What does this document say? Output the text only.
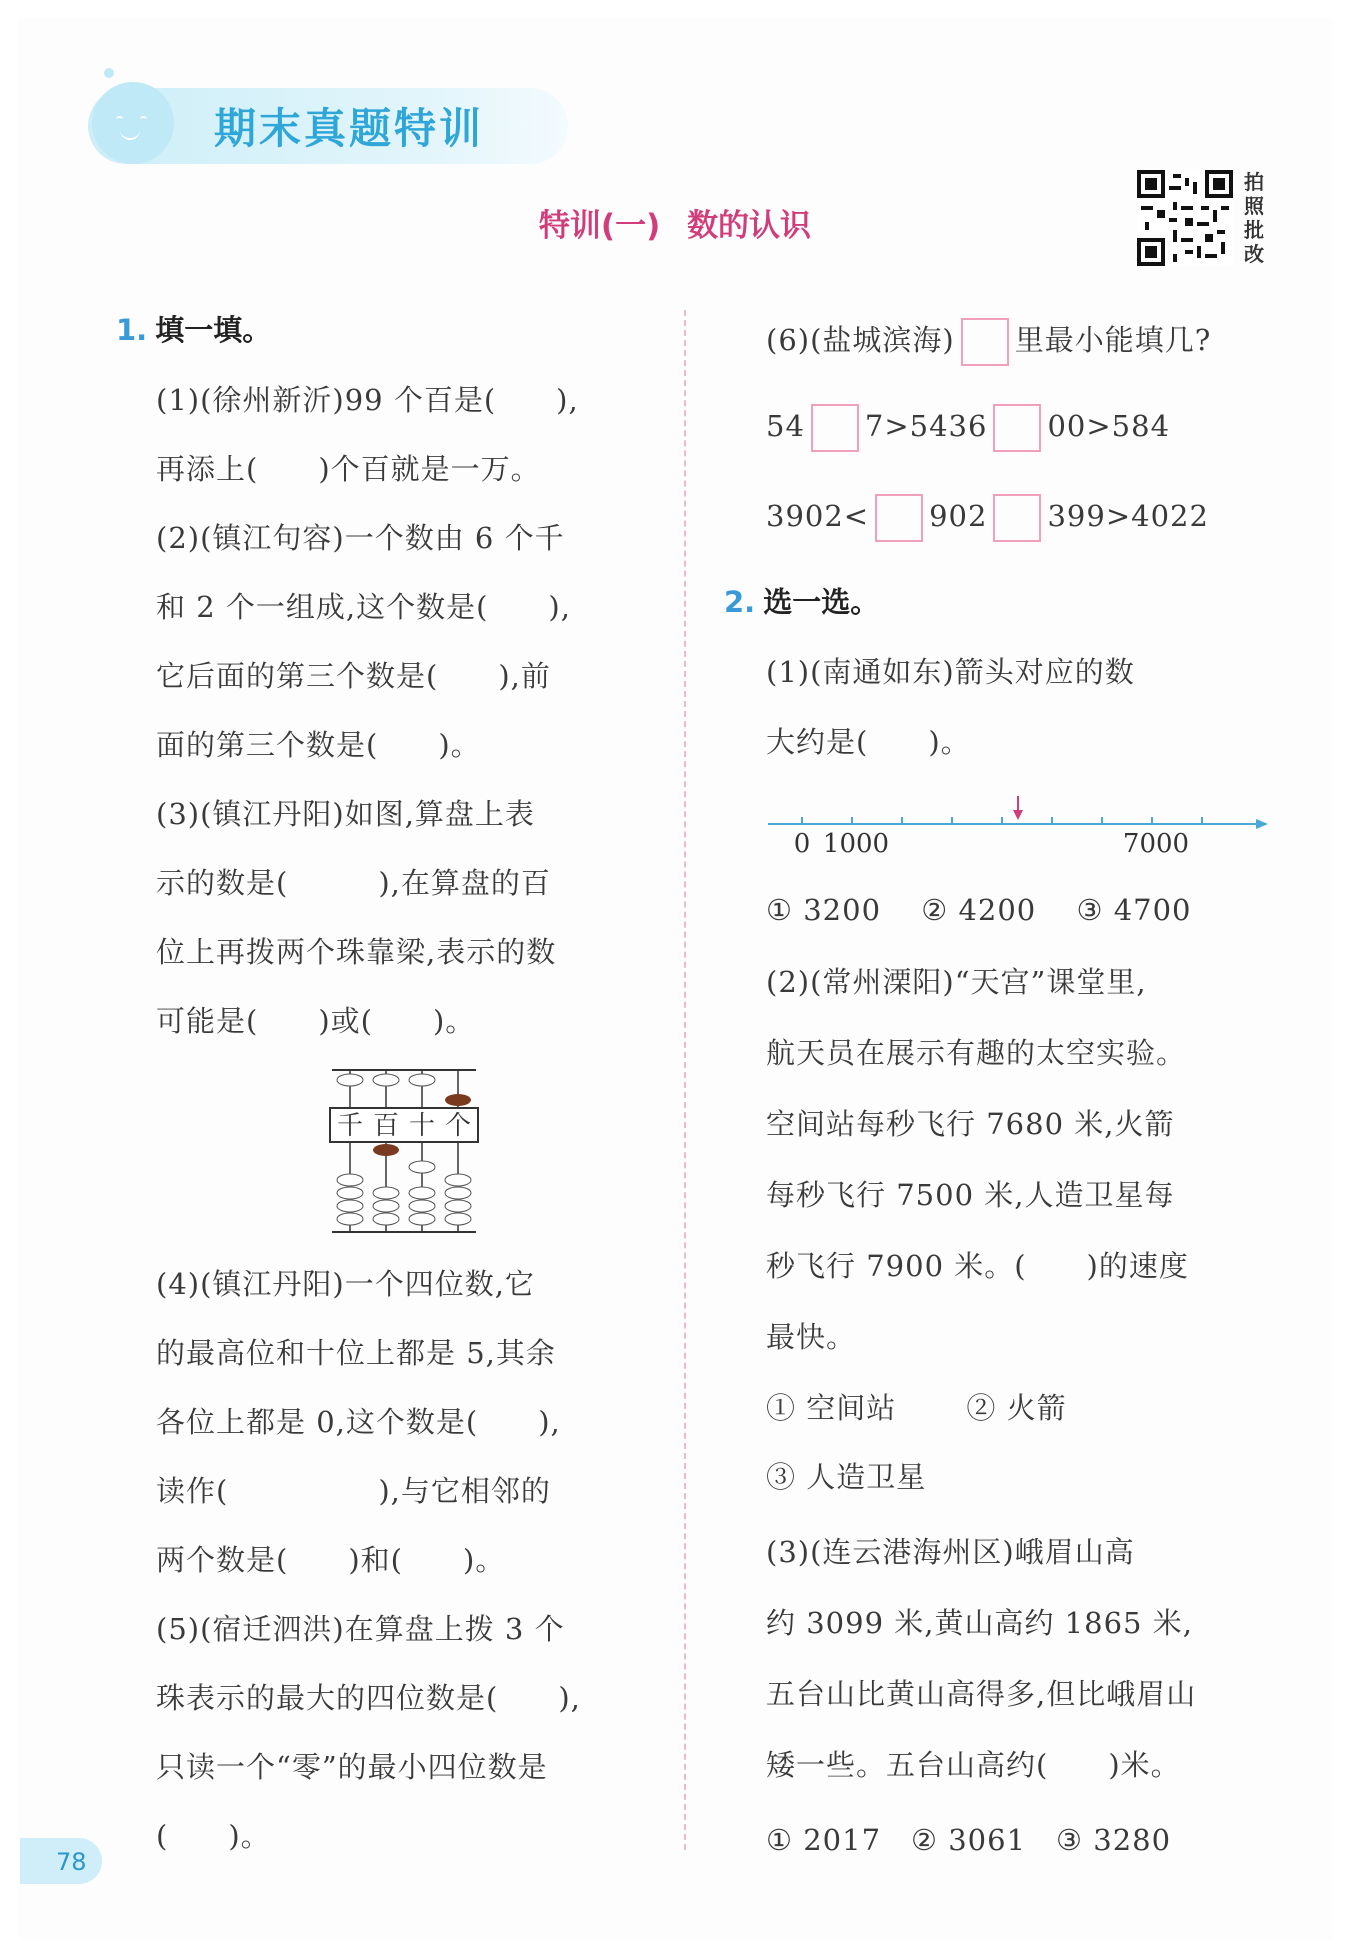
期末真题特训
特训(一) 数的认识
拍照批改
1. 填一填。
(1)(徐州新沂)99 个百是(　　),
再添上(　　)个百就是一万。
(2)(镇江句容)一个数由 6 个千
和 2 个一组成,这个数是(　　),
它后面的第三个数是(　　),前
面的第三个数是(　　)。
(3)(镇江丹阳)如图,算盘上表
示的数是(　　　),在算盘的百
位上再拨两个珠靠梁,表示的数
可能是(　　)或(　　)。
千 百 十 个
(4)(镇江丹阳)一个四位数,它
的最高位和十位上都是 5,其余
各位上都是 0,这个数是(　　),
读作(　　　　　),与它相邻的
两个数是(　　)和(　　)。
(5)(宿迁泗洪)在算盘上拨 3 个
珠表示的最大的四位数是(　　),
只读一个“零”的最小四位数是
(　　)。
(6)(盐城滨海) 里最小能填几?
54 7>5436 00>584
3902< 902 399>4022
2. 选一选。
(1)(南通如东)箭头对应的数
大约是(　　)。
0 1000	7000
① 3200　 ② 4200　 ③ 4700
(2)(常州溧阳)“天宫”课堂里,
航天员在展示有趣的太空实验。
空间站每秒飞行 7680 米,火箭
每秒飞行 7500 米,人造卫星每
秒飞行 7900 米。(　　)的速度
最快。
① 空间站　　 ② 火箭
③ 人造卫星
(3)(连云港海州区)峨眉山高
约 3099 米,黄山高约 1865 米,
五台山比黄山高得多,但比峨眉山
矮一些。五台山高约(　　)米。
① 2017　② 3061　③ 3280
78
